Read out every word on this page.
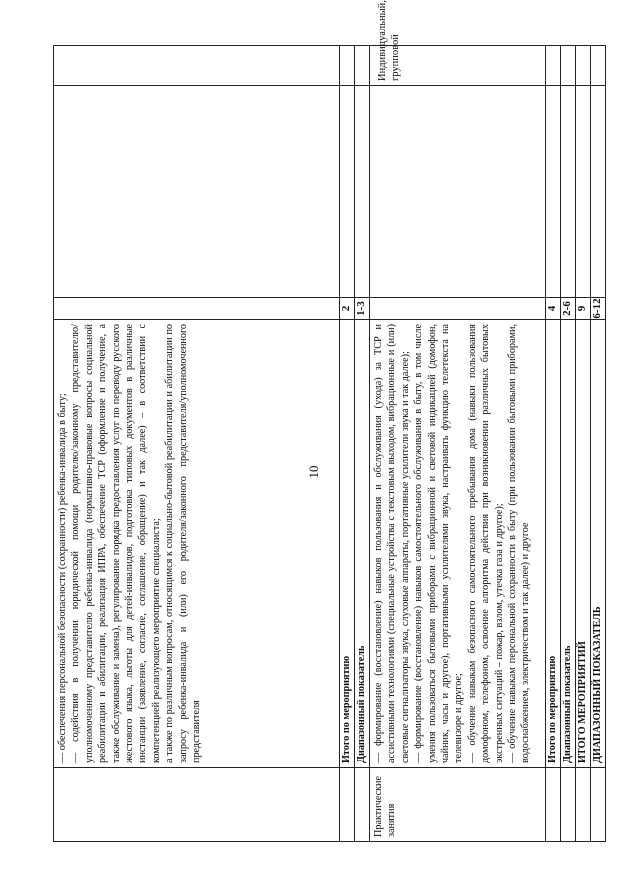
10

	— обеспечения персональной безопасности (сохранности) ребенка-инвалида в быту; — содействия в получении юридической помощи родителю/законному представителю/уполномоченному представителю ребенка-инвалида (нормативно-правовые вопросы социальной реабилитации и абилитации, реализация ИПРА, обеспечение ТСР (оформление и получение, а также обслуживание и замена), регулирование порядка предоставления услуг по переводу русского жестового языка, льготы для детей-инвалидов, подготовка типовых документов в различные инстанции (заявление, согласие, соглашение, обращение) и так далее) – в соответствии с компетенцией реализующего мероприятие специалиста; а также по различным вопросам, относящимся к социально-бытовой реабилитации и абилитации по запросу ребенка-инвалида и (или) его родителя/законного представителя/уполномоченного представителя			

	Итого по мероприятию	2		
	Диапазонный показатель	1-3		
Практические занятия	— формирование (восстановление) навыков пользования и обслуживания (ухода) за ТСР и ассистивными технологиями (специальные устройства с текстовым выходом, вибрационные и (или) световые сигнализаторы звука, слуховые аппараты, портативные усилители звука и так далее); — формирование (восстановление) навыков самостоятельного обслуживания в быту, в том числе умения пользоваться бытовыми приборами с вибрационной и световой индикацией (домофон, чайник, часы и другое), портативными усилителями звука, настраивать функцию телетекста на телевизоре и другое; — обучение навыкам безопасного самостоятельного пребывания дома (навыки пользования домофоном, телефоном, освоение алгоритма действия при возникновении различных бытовых экстренных ситуаций – пожар, взлом, утечка газа и другое); — обучение навыкам персональной сохранности в быту (при пользовании бытовыми приборами, водоснабжением, электричеством и так далее) и другое			Индивидуальный, групповой
	Итого по мероприятию	4		
	Диапазонный показатель	2-6		
	ИТОГО МЕРОПРИЯТИЙ	9		
	ДИАПАЗОННЫЙ ПОКАЗАТЕЛЬ	6-12		
